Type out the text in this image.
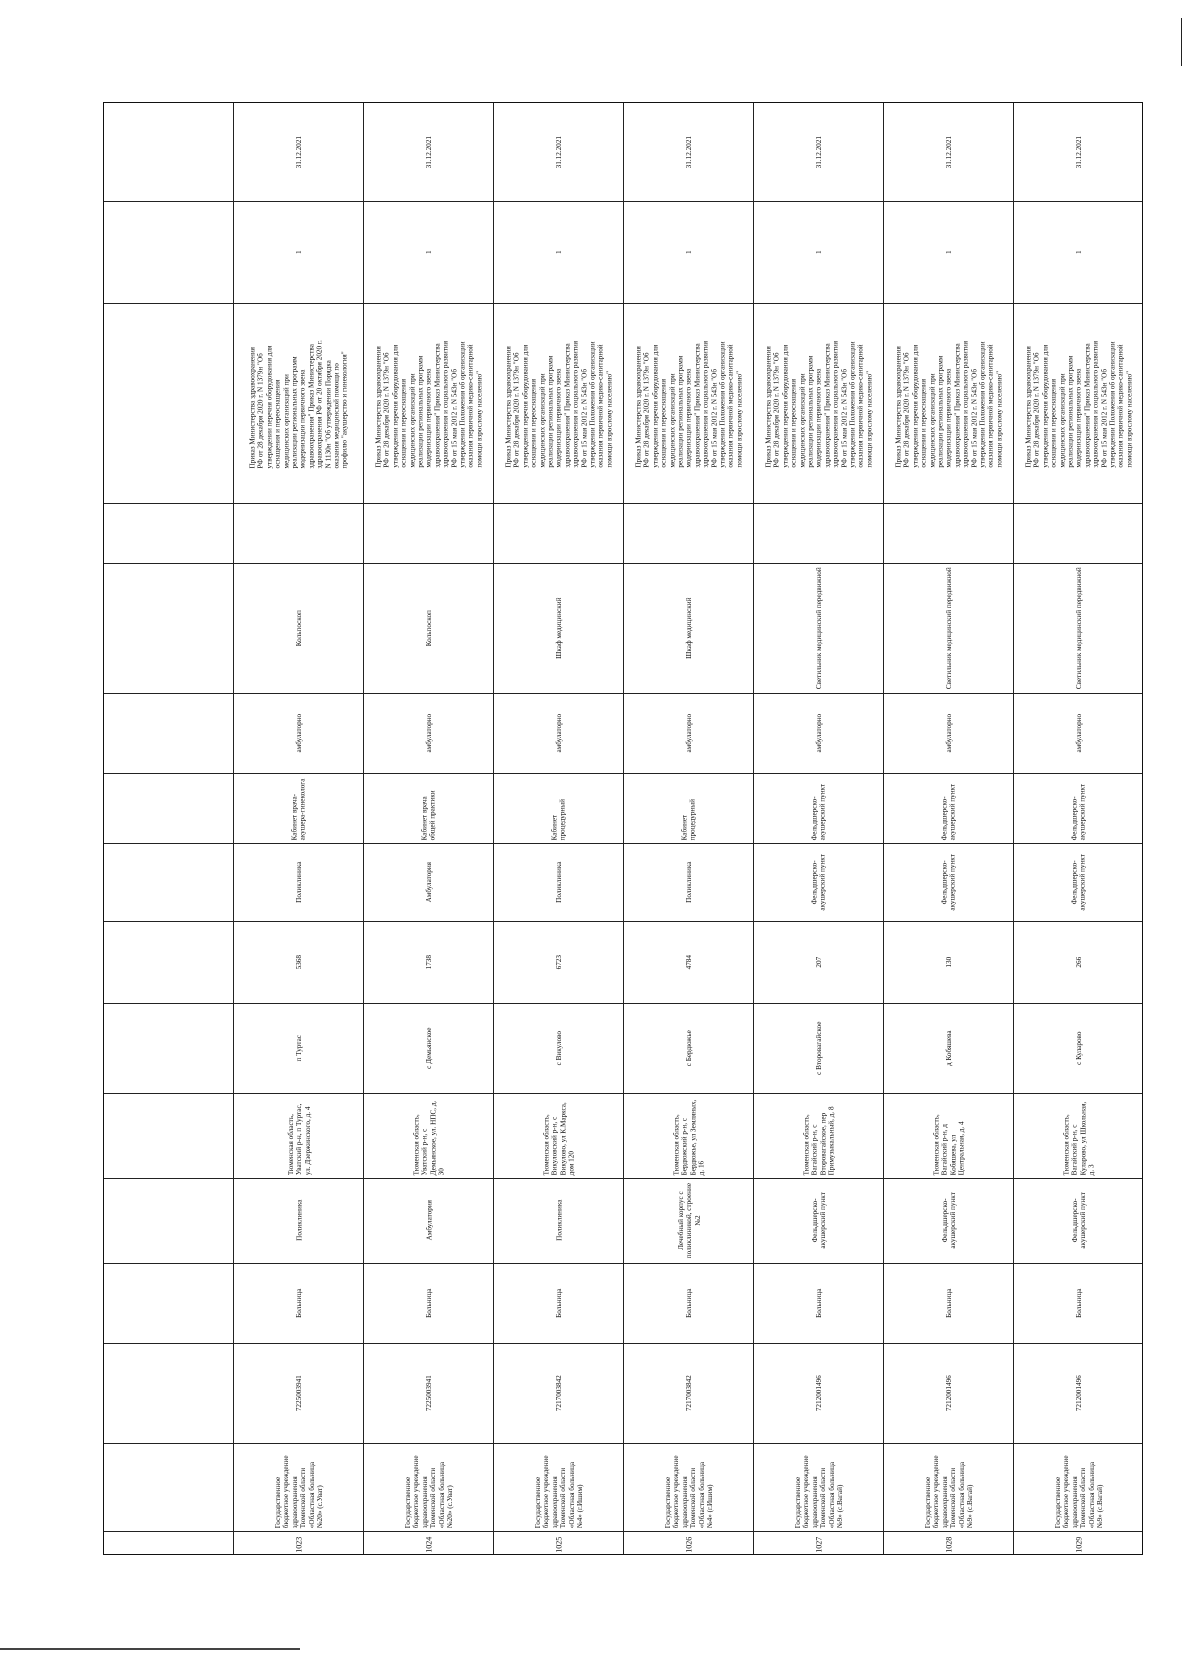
1023
Государственное бюджетное учреждение здравоохранения Тюменской области «Областная больница №20» (с.Уват)
7225003941
Больница
Поликлиника
Тюменская область, Уватский р-н, п Туртас, ул. Дзержинского, д. 4
п Туртас
5368
Поликлиника
Кабинет врача-акушера-гинеколога
амбулаторно
Кольпоскоп
Приказ Министерства здравоохранения РФ от 28 декабря 2020 г. N 1379н "Об утверждении перечня оборудования для оснащения и переоснащения медицинских организаций при реализации региональных программ модернизации первичного звена здравоохранения" Приказ Министерства здравоохранения РФ от 20 октября 2020 г. N 1130н "Об утверждении Порядка оказания медицинской помощи по профилю "акушерство и гинекология"
1
31.12.2021
1024
Государственное бюджетное учреждение здравоохранения Тюменской области «Областная больница №20» (с.Уват)
7225003941
Больница
Амбулатория
Тюменская область, Уватский р-н, с Демьянское, ул. НПС, д. 30
с Демьянское
1738
Амбулатория
Кабинет врача общей практики
амбулаторно
Кольпоскоп
Приказ Министерства здравоохранения РФ от 28 декабря 2020 г. N 1379н "Об утверждении перечня оборудования для оснащения и переоснащения медицинских организаций при реализации региональных программ модернизации первичного звена здравоохранения" Приказ Министерства здравоохранения и социального развития РФ от 15 мая 2012 г. N 543н "Об утверждении Положения об организации оказания первичной медико-санитарной помощи взрослому населению"
1
31.12.2021
1025
Государственное бюджетное учреждение здравоохранения Тюменской области «Областная больница №4» (г.Ишим)
7217003842
Больница
Поликлиника
Тюменская область, Викуловский р-н, с Викулово, ул К.Маркса, дом 120
с Викулово
6723
Поликлиника
Кабинет процедурный
амбулаторно
Шкаф медицинский
Приказ Министерства здравоохранения РФ от 28 декабря 2020 г. N 1379н "Об утверждении перечня оборудования для оснащения и переоснащения медицинских организаций при реализации региональных программ модернизации первичного звена здравоохранения" Приказ Министерства здравоохранения и социального развития РФ от 15 мая 2012 г. N 543н "Об утверждении Положения об организации оказания первичной медико-санитарной помощи взрослому населению"
1
31.12.2021
1026
Государственное бюджетное учреждение здравоохранения Тюменской области «Областная больница №4» (г.Ишим)
7217003842
Больница
Лечебный корпус с поликлиникой, строение №2
Тюменская область, Бердюжский р-н, с Бердюжье, ул Земляных, д. 16
с Бердюжье
4784
Поликлиника
Кабинет процедурный
амбулаторно
Шкаф медицинский
Приказ Министерства здравоохранения РФ от 28 декабря 2020 г. N 1379н "Об утверждении перечня оборудования для оснащения и переоснащения медицинских организаций при реализации региональных программ модернизации первичного звена здравоохранения" Приказ Министерства здравоохранения и социального развития РФ от 15 мая 2012 г. N 543н "Об утверждении Положения об организации оказания первичной медико-санитарной помощи взрослому населению"
1
31.12.2021
1027
Государственное бюджетное учреждение здравоохранения Тюменской области «Областная больница №9» (с.Вагай)
7212001496
Больница
Фельдшерско-акушерский пункт
Тюменская область, Вагайский р-н, с Второвагайское, пер Примузыкальный, д. 8
с Второвагайское
207
Фельдшерско-акушерский пункт
Фельдшерско-акушерский пункт
амбулаторно
Светильник медицинский передвижной
Приказ Министерства здравоохранения РФ от 28 декабря 2020 г. N 1379н "Об утверждении перечня оборудования для оснащения и переоснащения медицинских организаций при реализации региональных программ модернизации первичного звена здравоохранения" Приказ Министерства здравоохранения и социального развития РФ от 15 мая 2012 г. N 543н "Об утверждении Положения об организации оказания первичной медико-санитарной помощи взрослому населению"
1
31.12.2021
1028
Государственное бюджетное учреждение здравоохранения Тюменской области «Областная больница №9» (с.Вагай)
7212001496
Больница
Фельдшерско-акушерский пункт
Тюменская область, Вагайский р-н, д Кобяшева, ул Центральная, д. 4
д Кобяшева
130
Фельдшерско-акушерский пункт
Фельдшерско-акушерский пункт
амбулаторно
Светильник медицинский передвижной
Приказ Министерства здравоохранения РФ от 28 декабря 2020 г. N 1379н "Об утверждении перечня оборудования для оснащения и переоснащения медицинских организаций при реализации региональных программ модернизации первичного звена здравоохранения" Приказ Министерства здравоохранения и социального развития РФ от 15 мая 2012 г. N 543н "Об утверждении Положения об организации оказания первичной медико-санитарной помощи взрослому населению"
1
31.12.2021
1029
Государственное бюджетное учреждение здравоохранения Тюменской области «Областная больница №9» (с.Вагай)
7212001496
Больница
Фельдшерско-акушерский пункт
Тюменская область, Вагайский р-н, с Куларово, ул Школьная, д. 3
с Куларово
266
Фельдшерско-акушерский пункт
Фельдшерско-акушерский пункт
амбулаторно
Светильник медицинский передвижной
Приказ Министерства здравоохранения РФ от 28 декабря 2020 г. N 1379н "Об утверждении перечня оборудования для оснащения и переоснащения медицинских организаций при реализации региональных программ модернизации первичного звена здравоохранения" Приказ Министерства здравоохранения и социального развития РФ от 15 мая 2012 г. N 543н "Об утверждении Положения об организации оказания первичной медико-санитарной помощи взрослому населению"
1
31.12.2021
